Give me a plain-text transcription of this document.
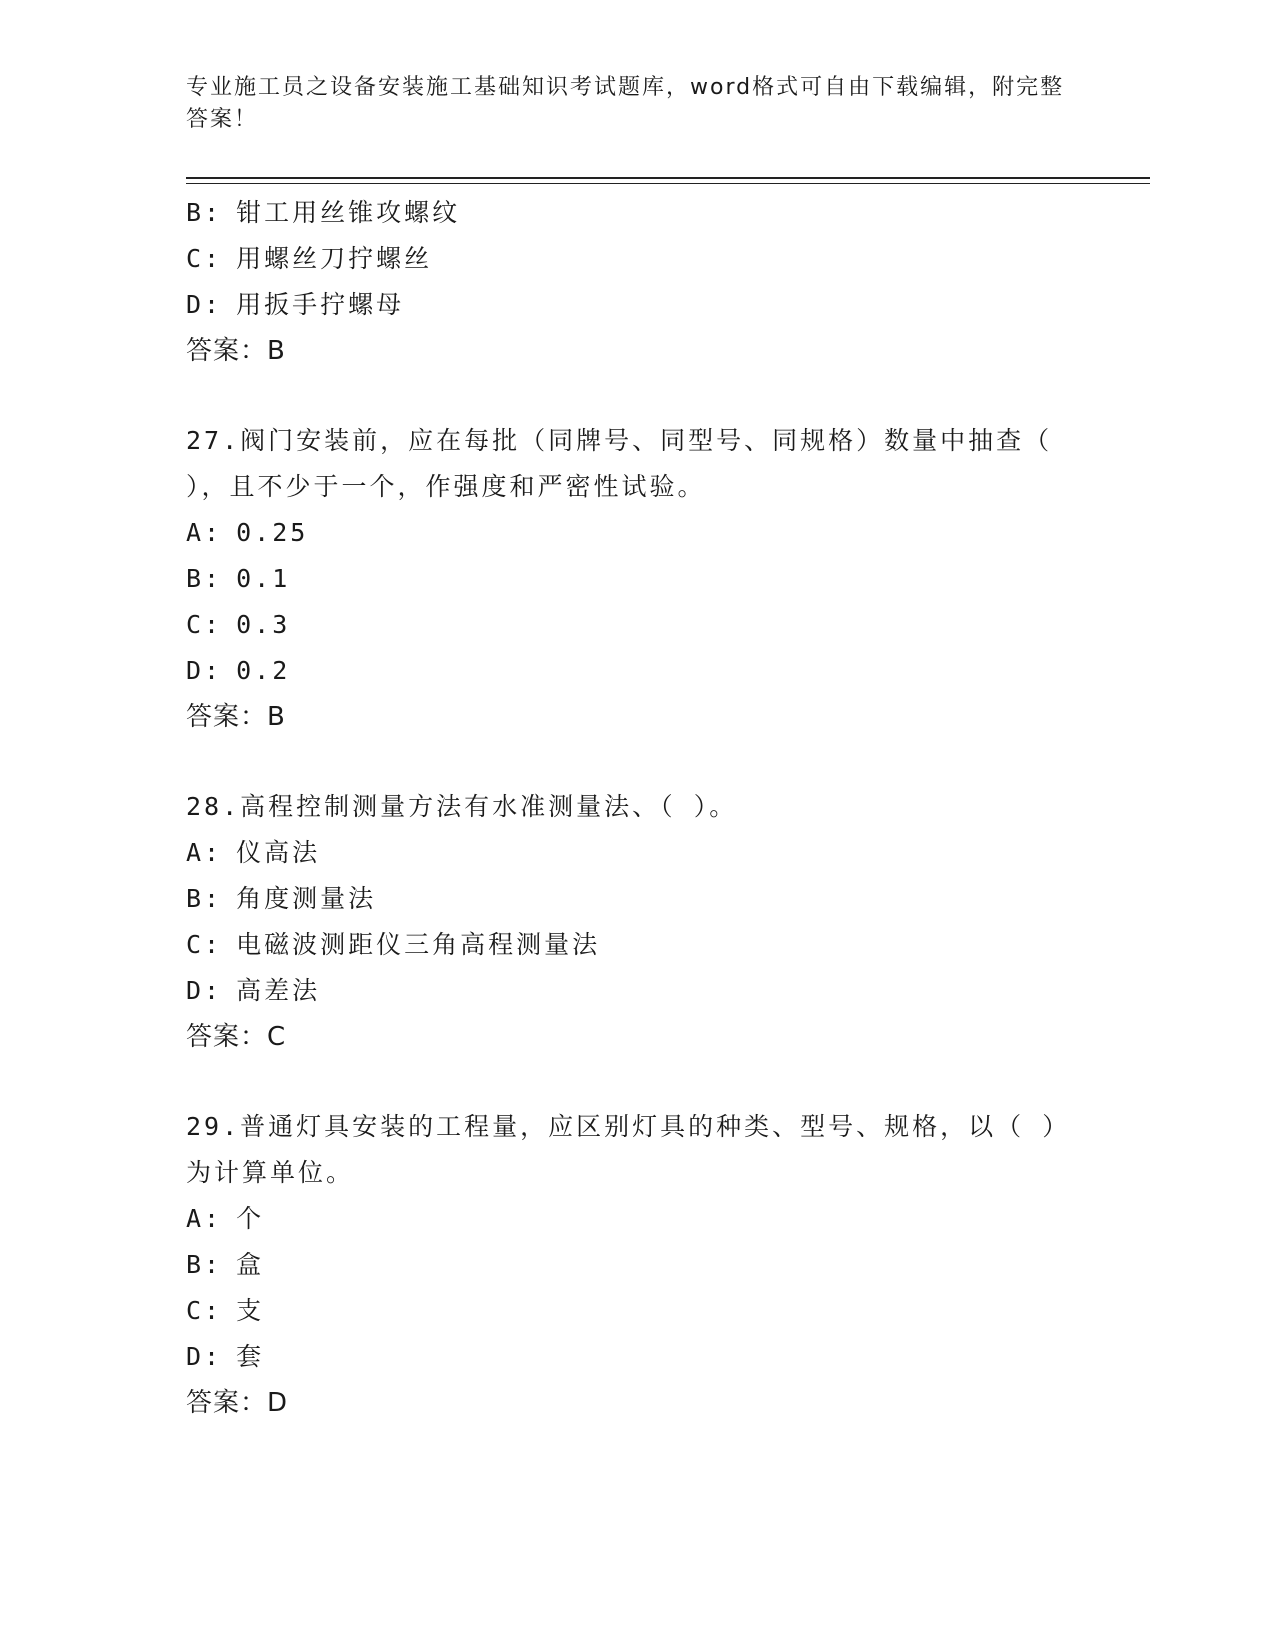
专业施工员之设备安装施工基础知识考试题库，word格式可自由下载编辑，附完整答案！
B: 钳工用丝锥攻螺纹
C: 用螺丝刀拧螺丝
D: 用扳手拧螺母
答案：B
27.阀门安装前，应在每批（同牌号、同型号、同规格）数量中抽查（ ），且不少于一个，作强度和严密性试验。
A: 0.25
B: 0.1
C: 0.3
D: 0.2
答案：B
28.高程控制测量方法有水准测量法、（ ）。
A: 仪高法
B: 角度测量法
C: 电磁波测距仪三角高程测量法
D: 高差法
答案：C
29.普通灯具安装的工程量，应区别灯具的种类、型号、规格，以（ ）为计算单位。
A: 个
B: 盒
C: 支
D: 套
答案：D
